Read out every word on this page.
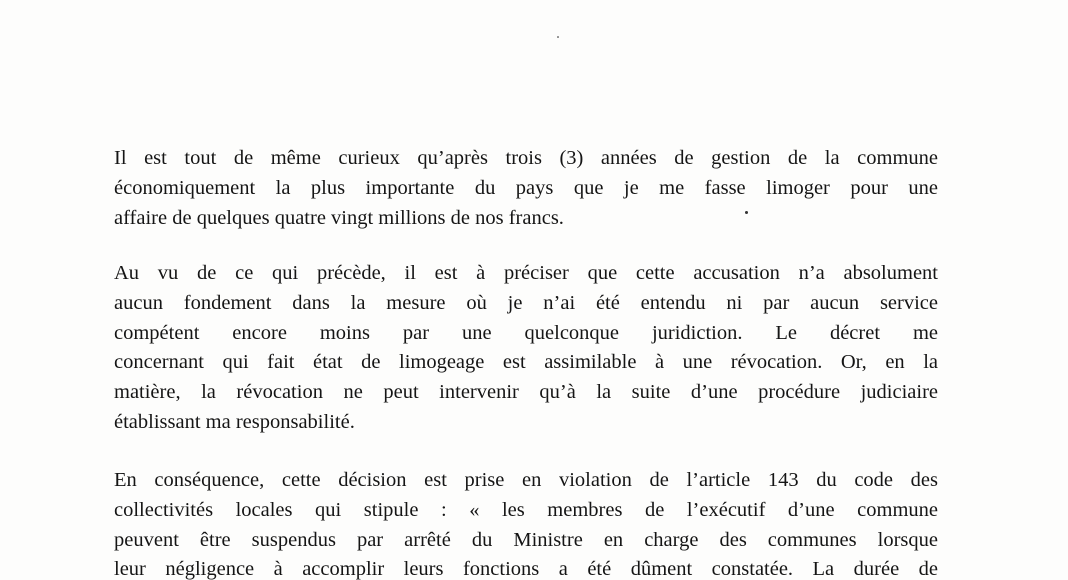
Il est tout de même curieux qu’après trois (3) années de gestion de la commune
économiquement la plus importante du pays que je me fasse limoger pour une
affaire de quelques quatre vingt millions de nos francs.

Au vu de ce qui précède, il est à préciser que cette accusation n’a absolument
aucun fondement dans la mesure où je n’ai été entendu ni par aucun service
compétent encore moins par une quelconque juridiction. Le décret me
concernant qui fait état de limogeage est assimilable à une révocation. Or, en la
matière, la révocation ne peut intervenir qu’à la suite d’une procédure judiciaire
établissant ma responsabilité.

En conséquence, cette décision est prise en violation de l’article 143 du code des
collectivités locales qui stipule : « les membres de l’exécutif d’une commune
peuvent être suspendus par arrêté du Ministre en charge des communes lorsque
leur négligence à accomplir leurs fonctions a été dûment constatée. La durée de
